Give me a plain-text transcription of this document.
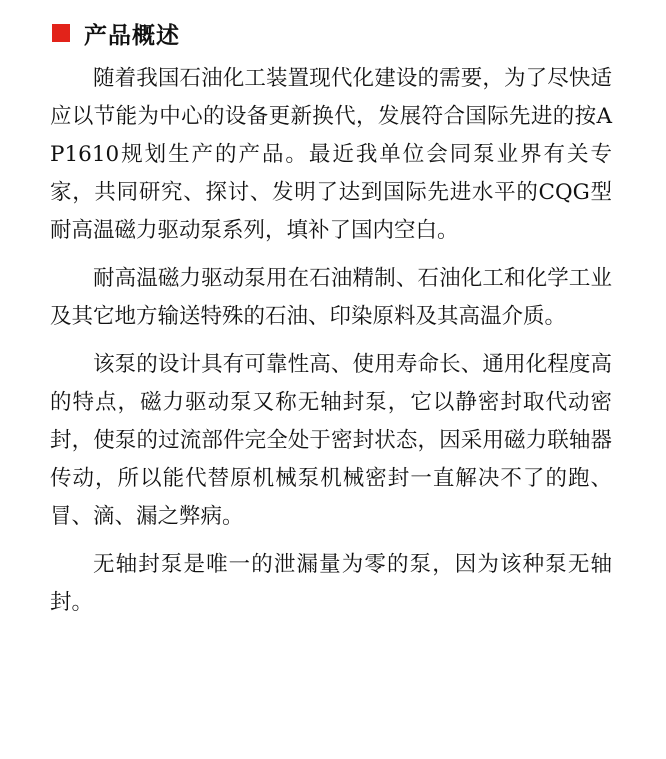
产品概述

随着我国石油化工装置现代化建设的需要，为了尽快适应以节能为中心的设备更新换代，发展符合国际先进的按AP1610规划生产的产品。最近我单位会同泵业界有关专家，共同研究、探讨、发明了达到国际先进水平的CQG型耐高温磁力驱动泵系列，填补了国内空白。

耐高温磁力驱动泵用在石油精制、石油化工和化学工业及其它地方输送特殊的石油、印染原料及其高温介质。

该泵的设计具有可靠性高、使用寿命长、通用化程度高的特点，磁力驱动泵又称无轴封泵，它以静密封取代动密封，使泵的过流部件完全处于密封状态，因采用磁力联轴器传动，所以能代替原机械泵机械密封一直解决不了的跑、冒、滴、漏之弊病。

无轴封泵是唯一的泄漏量为零的泵，因为该种泵无轴封。
